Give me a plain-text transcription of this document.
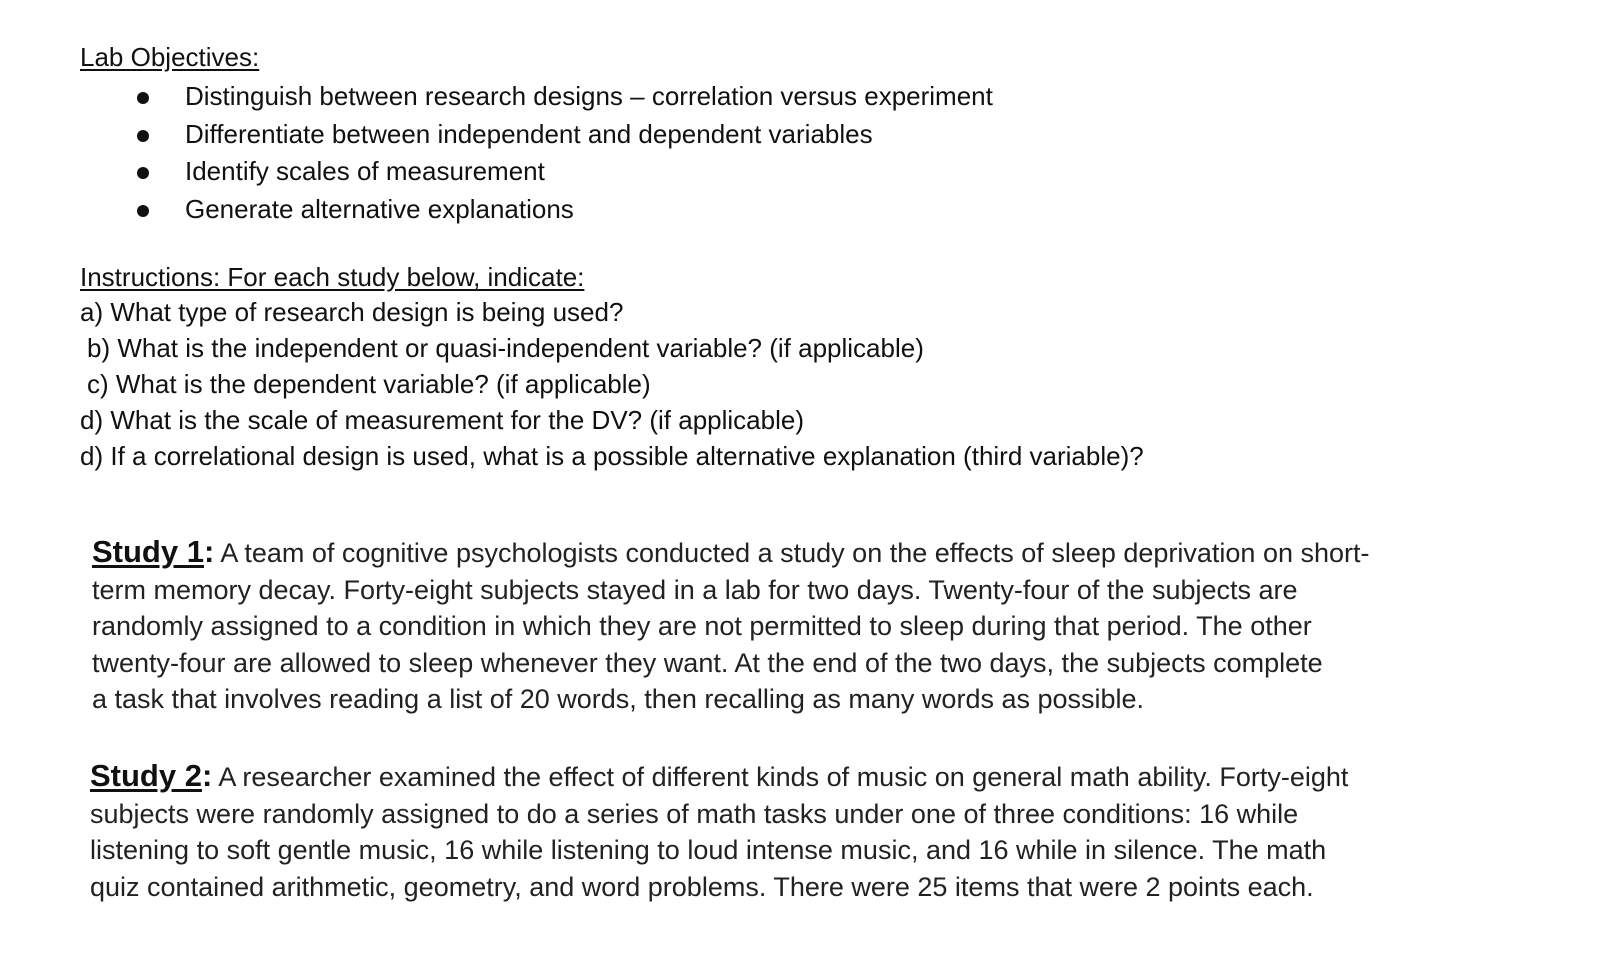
Lab Objectives:
Distinguish between research designs – correlation versus experiment
Differentiate between independent and dependent variables
Identify scales of measurement
Generate alternative explanations
Instructions: For each study below, indicate:

a) What type of research design is being used?

b) What is the independent or quasi-independent variable? (if applicable)

c) What is the dependent variable? (if applicable)

d) What is the scale of measurement for the DV? (if applicable)

d) If a correlational design is used, what is a possible alternative explanation (third variable)?

Study 1: A team of cognitive psychologists conducted a study on the effects of sleep deprivation on short-
term memory decay. Forty-eight subjects stayed in a lab for two days. Twenty-four of the subjects are
randomly assigned to a condition in which they are not permitted to sleep during that period. The other
twenty-four are allowed to sleep whenever they want. At the end of the two days, the subjects complete
a task that involves reading a list of 20 words, then recalling as many words as possible.
Study 2: A researcher examined the effect of different kinds of music on general math ability. Forty-eight
subjects were randomly assigned to do a series of math tasks under one of three conditions: 16 while
listening to soft gentle music, 16 while listening to loud intense music, and 16 while in silence. The math
quiz contained arithmetic, geometry, and word problems. There were 25 items that were 2 points each.
